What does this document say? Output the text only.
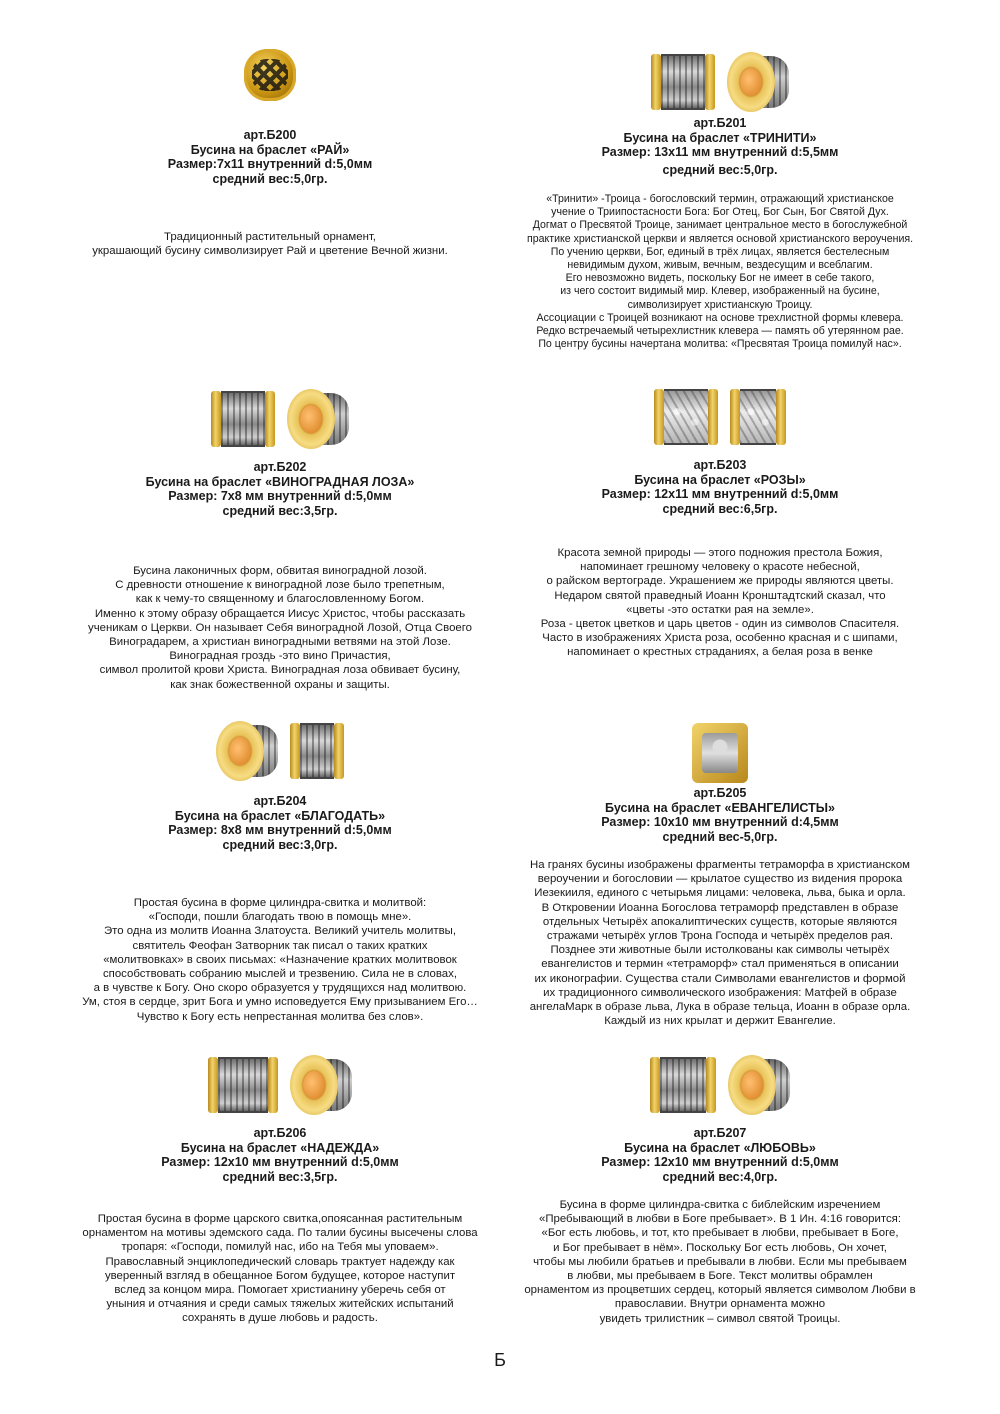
арт.Б200
Бусина на браслет «РАЙ»
Размер:7x11 внутренний d:5,0мм
средний вес:5,0гр.
Традиционный растительный орнамент,
украшающий бусину символизирует Рай и цветение Вечной жизни.
арт.Б201
Бусина на браслет «ТРИНИТИ»
Размер: 13x11 мм внутренний d:5,5мм
средний вес:5,0гр.
«Тринити» -Троица - богословский термин, отражающий христианское
учение о Триипостасности Бога: Бог Отец, Бог Сын, Бог Святой Дух.
Догмат о Пресвятой Троице, занимает центральное место в богослужебной
практике христианской церкви и является основой христианского вероучения.
По учению церкви, Бог, единый в трёх лицах, является бестелесным
невидимым духом, живым, вечным, вездесущим и всеблагим.
Его невозможно видеть, поскольку Бог не имеет в себе такого,
из чего состоит видимый мир. Клевер, изображенный на бусине,
символизирует христианскую Троицу.
Ассоциации с Троицей возникают на основе трехлистной формы клевера.
Редко встречаемый четырехлистник клевера — память об утерянном рае.
По центру бусины начертана молитва: «Пресвятая Троица помилуй нас».
арт.Б202
Бусина на браслет «ВИНОГРАДНАЯ ЛОЗА»
Размер: 7x8 мм внутренний d:5,0мм
средний вес:3,5гр.
Бусина лаконичных форм, обвитая виноградной лозой.
С древности отношение к виноградной лозе было трепетным,
как к чему-то священному и благословленному Богом.
Именно к этому образу обращается Иисус Христос, чтобы рассказать
ученикам о Церкви. Он называет Себя виноградной Лозой, Отца Своего
Виноградарем, а христиан виноградными ветвями на этой Лозе.
Виноградная гроздь -это вино Причастия,
символ пролитой крови Христа. Виноградная лоза обвивает бусину,
как знак божественной охраны и защиты.
арт.Б203
Бусина на браслет «РОЗЫ»
Размер: 12x11 мм внутренний d:5,0мм
средний вес:6,5гр.
Красота земной природы — этого подножия престола Божия,
напоминает грешному человеку о красоте небесной,
о райском вертограде. Украшением же природы являются цветы.
Недаром святой праведный Иоанн Кронштадтский сказал, что
«цветы -это остатки рая на земле».
Роза - цветок цветков и царь цветов - один из символов Спасителя.
Часто в изображениях Христа роза, особенно красная и с шипами,
напоминает о крестных страданиях, а белая роза в венке
арт.Б204
Бусина на браслет «БЛАГОДАТЬ»
Размер: 8x8 мм внутренний d:5,0мм
средний вес:3,0гр.
Простая бусина в форме цилиндра-свитка и молитвой:
«Господи, пошли благодать твою в помощь мне».
Это одна из молитв Иоанна Златоуста. Великий учитель молитвы,
святитель Феофан Затворник так писал о таких кратких
«молитвовках» в своих письмах: «Назначение кратких молитвовок
способствовать собранию мыслей и трезвению. Сила не в словах,
а в чувстве к Богу. Оно скоро образуется у трудящихся над молитвою.
Ум, стоя в сердце, зрит Бога и умно исповедуется Ему призыванием Его…
Чувство к Богу есть непрестанная молитва без слов».
арт.Б205
Бусина на браслет «ЕВАНГЕЛИСТЫ»
Размер: 10x10 мм внутренний d:4,5мм
средний вес-5,0гр.
На гранях бусины изображены фрагменты тетраморфа в христианском
вероучении и богословии — крылатое существо из видения пророка
Иезекииля, единого с четырьмя лицами: человека, льва, быка и орла.
В Откровении Иоанна Богослова тетраморф представлен в образе
отдельных Четырёх апокалиптических существ, которые являются
стражами четырёх углов Трона Господа и четырёх пределов рая.
Позднее эти животные были истолкованы как символы четырёх
евангелистов и термин «тетраморф» стал применяться в описании
их иконографии. Существа стали Символами евангелистов и формой
их традиционного символического изображения: Матфей в образе
ангелаМарк в образе льва, Лука в образе тельца, Иоанн в образе орла.
Каждый из них крылат и держит Евангелие.
арт.Б206
Бусина на браслет «НАДЕЖДА»
Размер: 12x10 мм внутренний d:5,0мм
средний вес:3,5гр.
Простая бусина в форме царского свитка,опоясанная растительным
орнаментом на мотивы эдемского сада. По талии бусины высечены слова
тропаря: «Господи, помилуй нас, ибо на Тебя мы уповаем».
Православный энциклопедический словарь трактует надежду как
уверенный взгляд в обещанное Богом будущее, которое наступит
вслед за концом мира. Помогает христианину уберечь себя от
уныния и отчаяния и среди самых тяжелых житейских испытаний
сохранять в душе любовь и радость.
арт.Б207
Бусина на браслет «ЛЮБОВЬ»
Размер: 12x10 мм внутренний d:5,0мм
средний вес:4,0гр.
Бусина в форме цилиндра-свитка с библейским изречением
«Пребывающий в любви в Боге пребывает». В 1 Ин. 4:16 говорится:
«Бог есть любовь, и тот, кто пребывает в любви, пребывает в Боге,
и Бог пребывает в нём». Поскольку Бог есть любовь, Он хочет,
чтобы мы любили братьев и пребывали в любви. Если мы пребываем
в любви, мы пребываем в Боге. Текст молитвы обрамлен
орнаментом из процветших сердец, который является символом Любви в
православии. Внутри орнамента можно
увидеть трилистник – символ святой Троицы.
Б
